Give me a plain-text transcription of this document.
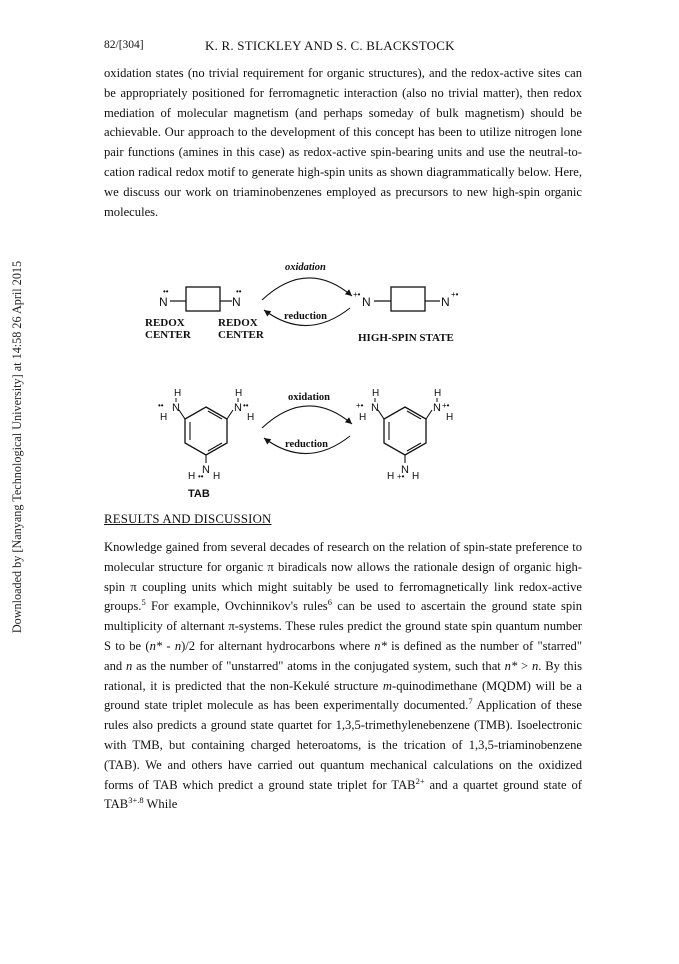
Downloaded by [Nanyang Technological University] at 14:58 26 April 2015
82/[304]	K. R. STICKLEY AND S. C. BLACKSTOCK

oxidation states (no trivial requirement for organic structures), and the redox-active sites can be appropriately positioned for ferromagnetic interaction (also no trivial matter), then redox mediation of molecular magnetism (and perhaps someday of bulk magnetism) should be achievable. Our approach to the development of this concept has been to utilize nitrogen lone pair functions (amines in this case) as redox-active spin-bearing units and use the neutral-to-cation radical redox motif to generate high-spin units as shown diagrammatically below. Here, we discuss our work on triaminobenzenes employed as precursors to new high-spin organic molecules.

••
N
••
N
REDOX
CENTER
REDOX
CENTER
oxidation
reduction
+•
N	N
+•
HIGH-SPIN STATE
N
••
H
H
N ••
H
H
N
H •• H
oxidation
reduction
N
+•
H
H
N +•
H
H
N
H +• H
TAB
RESULTS AND DISCUSSION

Knowledge gained from several decades of research on the relation of spin-state preference to molecular structure for organic π biradicals now allows the rationale design of organic high-spin π coupling units which might suitably be used to ferromagnetically link redox-active groups.$^5$ For example, Ovchinnikov's rules$^6$ can be used to ascertain the ground state spin multiplicity of alternant π-systems. These rules predict the ground state spin quantum number S to be (n* - n)/2 for alternant hydrocarbons where n* is defined as the number of "starred" and n as the number of "unstarred" atoms in the conjugated system, such that n* > n. By this rational, it is predicted that the non-Kekulé structure m-quinodimethane (MQDM) will be a ground state triplet molecule as has been experimentally documented.$^7$ Application of these rules also predicts a ground state quartet for 1,3,5-trimethylenebenzene (TMB). Isoelectronic with TMB, but containing charged heteroatoms, is the trication of 1,3,5-triaminobenzene (TAB). We and others have carried out quantum mechanical calculations on the oxidized forms of TAB which predict a ground state triplet for $TAB^{2+}$ and a quartet ground state of $TAB^{3+.8}$ While
